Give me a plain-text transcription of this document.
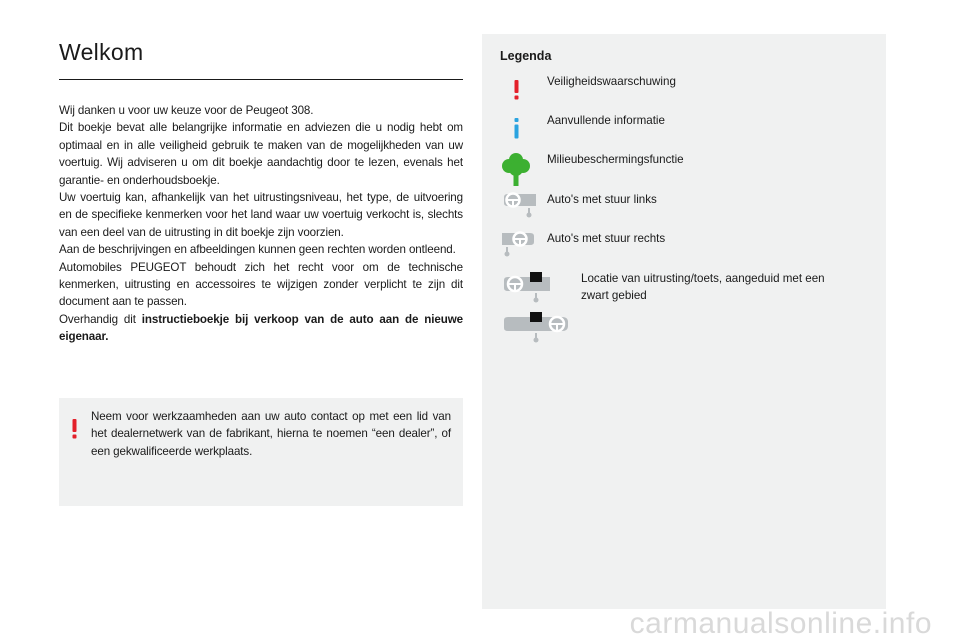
Welkom

Wij danken u voor uw keuze voor de Peugeot 308.

Dit boekje bevat alle belangrijke informatie en adviezen die u nodig hebt om optimaal en in alle veiligheid gebruik te maken van de mogelijkheden van uw voertuig. Wij adviseren u om dit boekje aandachtig door te lezen, evenals het garantie- en onderhoudsboekje.

Uw voertuig kan, afhankelijk van het uitrustingsniveau, het type, de uitvoering en de specifieke kenmerken voor het land waar uw voertuig verkocht is, slechts van een deel van de uitrusting in dit boekje zijn voorzien.

Aan de beschrijvingen en afbeeldingen kunnen geen rechten worden ontleend.

Automobiles PEUGEOT behoudt zich het recht voor om de technische kenmerken, uitrusting en accessoires te wijzigen zonder verplicht te zijn dit document aan te passen.

Overhandig dit instructieboekje bij verkoop van de auto aan de nieuwe eigenaar.

Neem voor werkzaamheden aan uw auto contact op met een lid van het dealernetwerk van de fabrikant, hierna te noemen “een dealer”, of een gekwalificeerde werkplaats.

Legenda

Veiligheidswaarschuwing

Aanvullende informatie

Milieubeschermingsfunctie

Auto's met stuur links

Auto's met stuur rechts

Locatie van uitrusting/toets, aangeduid met een zwart gebied

carmanualsonline.info
